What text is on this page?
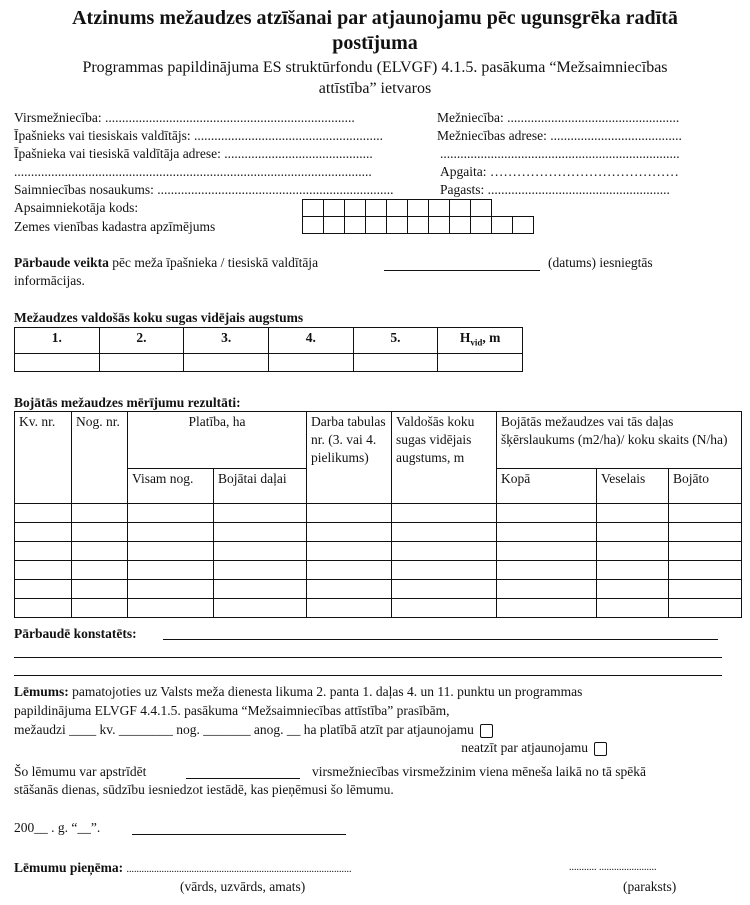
Atzinums mežaudzes atzīšanai par atjaunojamu pēc ugunsgrēka radītā
postījuma
Programmas papildinājuma ES struktūrfondu (ELVGF) 4.1.5. pasākuma “Mežsaimniecības
attīstība” ietvaros
Virsmežniecība: ..........................................................................
Īpašnieks vai tiesiskais valdītājs: ........................................................
Īpašnieka vai tiesiskā valdītāja adrese: ............................................
..........................................................................................................
Saimniecības nosaukums: ......................................................................
Mežniecība: ...................................................
Mežniecības adrese: .......................................
.......................................................................
Apgaita: ……………………………………
Pagasts: ......................................................
Apsaimniekotāja kods:
Zemes vienības kadastra apzīmējums
Pārbaude veikta pēc meža īpašnieka / tiesiskā valdītāja	(datums) iesniegtās
informācijas.
Mežaudzes valdošās koku sugas vidējais augstums
1.	2.	3.	4.	5.	$H_{vid}$, m

Bojātās mežaudzes mērījumu rezultāti:
Kv. nr.	Nog. nr.	Platība, ha		Darba tabulas nr. (3. vai 4. pielikums)	Valdošās koku sugas vidējais augstums, m	Bojātās mežaudzes vai tās daļas šķērslaukums (m2/ha)/ koku skaits (N/ha)		
		Visam nog.	Bojātai daļai			Kopā	Veselais	Bojāto

Pārbaudē konstatēts:
Lēmums: pamatojoties uz Valsts meža dienesta likuma 2. panta 1. daļas 4. un 11. punktu un programmas
papildinājuma ELVGF 4.4.1.5. pasākuma “Mežsaimniecības attīstība” prasībām,
mežaudzi ____ kv. ________ nog. _______ anog. __ ha platībā atzīt par atjaunojamu
neatzīt par atjaunojamu
Šo lēmumu var apstrīdēt	virsmežniecības virsmežzinim viena mēneša laikā no tā spēkā
stāšanās dienas, sūdzību iesniedzot iestādē, kas pieņēmusi šo lēmumu.
200__ . g. “__”.
Lēmumu pieņēma: ..........................................................................................	........... .......................
(vārds, uzvārds, amats)	(paraksts)
